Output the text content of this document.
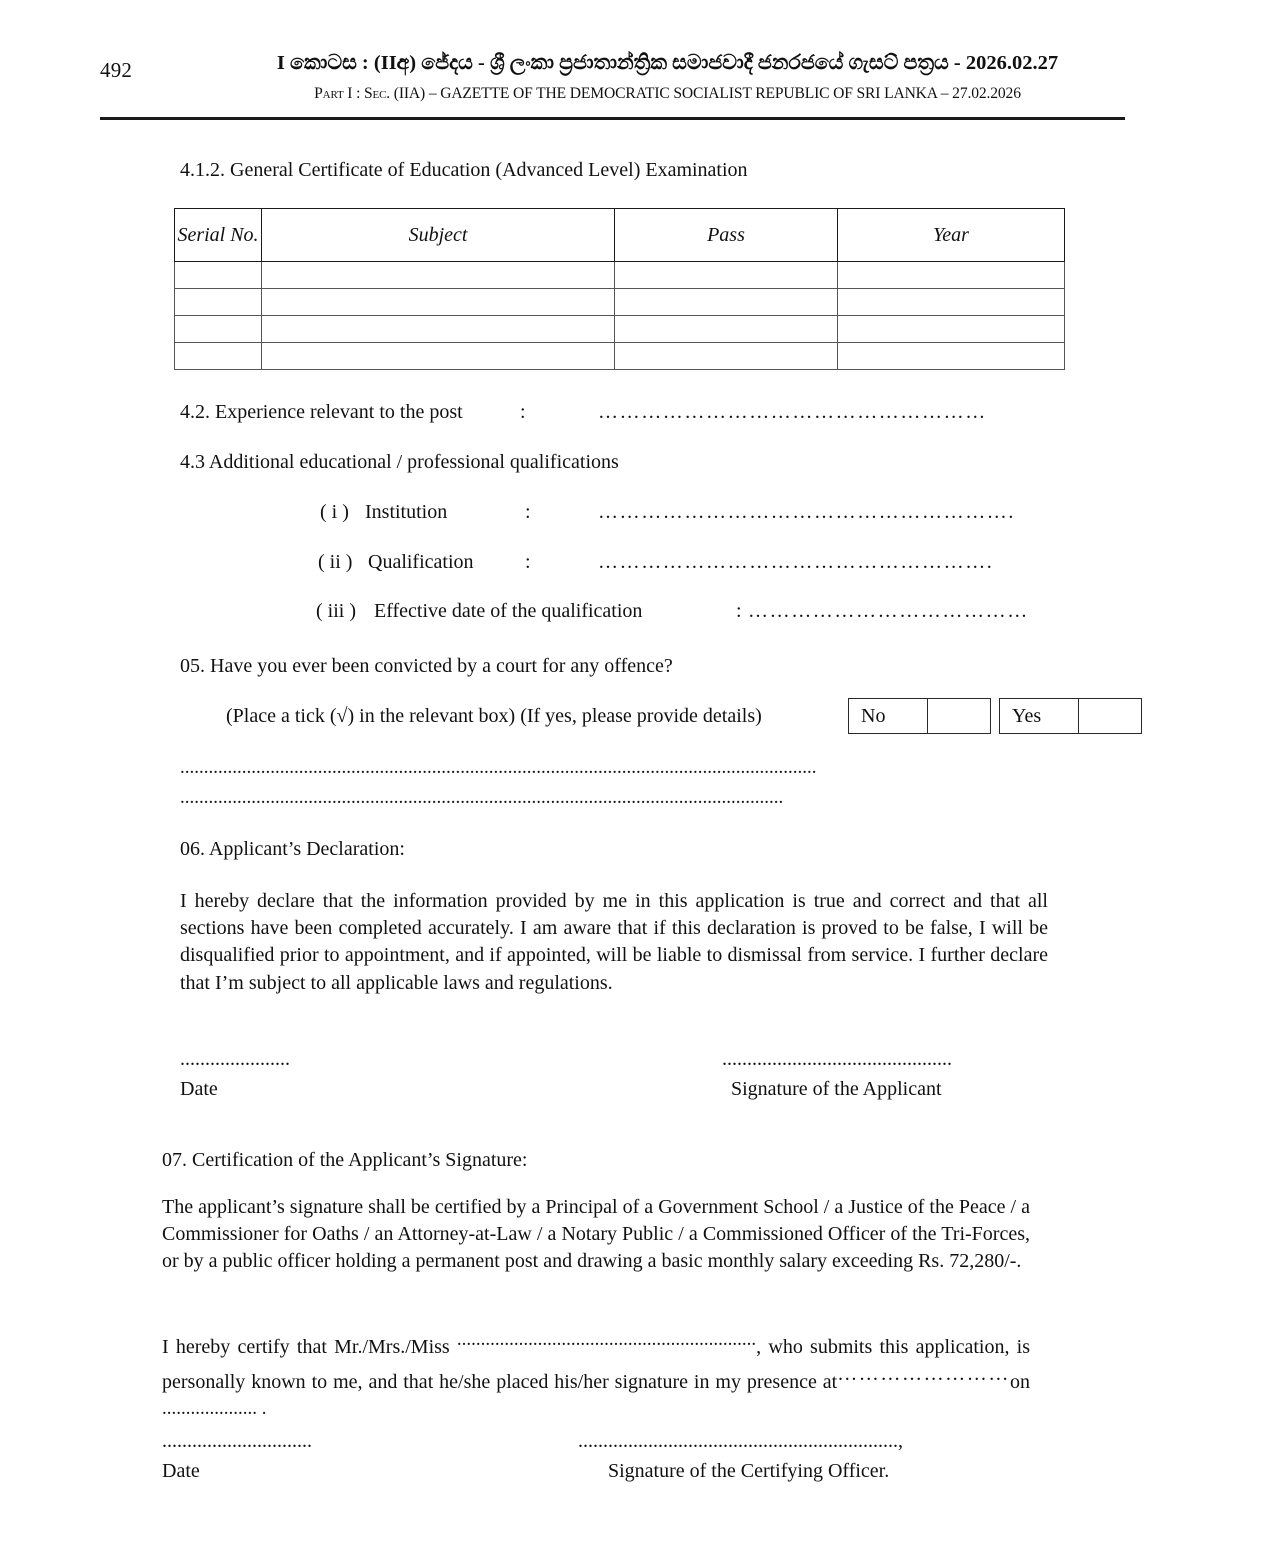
492	I කොටස : (IIඅ) ජේදය - ශ්‍රී ලංකා ප්‍රජාතාන්ත්‍රික සමාජවාදී ජනරජයේ ගැසට් පත්‍රය - 2026.02.27
Part I : Sec. (IIA) – GAZETTE OF THE DEMOCRATIC SOCIALIST REPUBLIC OF SRI LANKA – 27.02.2026
4.1.2. General Certificate of Education (Advanced Level) Examination
Serial No.	Subject	Pass	Year

4.2. Experience relevant to the post	:	………………………………………………
4.3 Additional educational / professional qualifications
( i ) Institution	:	………………………………………………….
( ii ) Qualification	:	……………………………………………….
( iii ) Effective date of the qualification	: …………………………………
05. Have you ever been convicted by a court for any offence?
(Place a tick (√) in the relevant box) (If yes, please provide details)	No	Yes
......................................................................................................................................
...............................................................................................................................
06. Applicant’s Declaration:
I hereby declare that the information provided by me in this application is true and correct and that all sections have been completed accurately. I am aware that if this declaration is proved to be false, I will be disqualified prior to appointment, and if appointed, will be liable to dismissal from service. I further declare that I’m subject to all applicable laws and regulations.
......................
Date
..............................................
Signature of the Applicant
07. Certification of the Applicant’s Signature:
The applicant’s signature shall be certified by a Principal of a Government School / a Justice of the Peace / a Commissioner for Oaths / an Attorney-at-Law / a Notary Public / a Commissioned Officer of the Tri-Forces, or by a public officer holding a permanent post and drawing a basic monthly salary exceeding Rs. 72,280/-.
I hereby certify that Mr./Mrs./Miss ..............................................................., who submits this application, is personally known to me, and that he/she placed his/her signature in my presence at……………………on .................... .
..............................
Date
................................................................,
Signature of the Certifying Officer.
